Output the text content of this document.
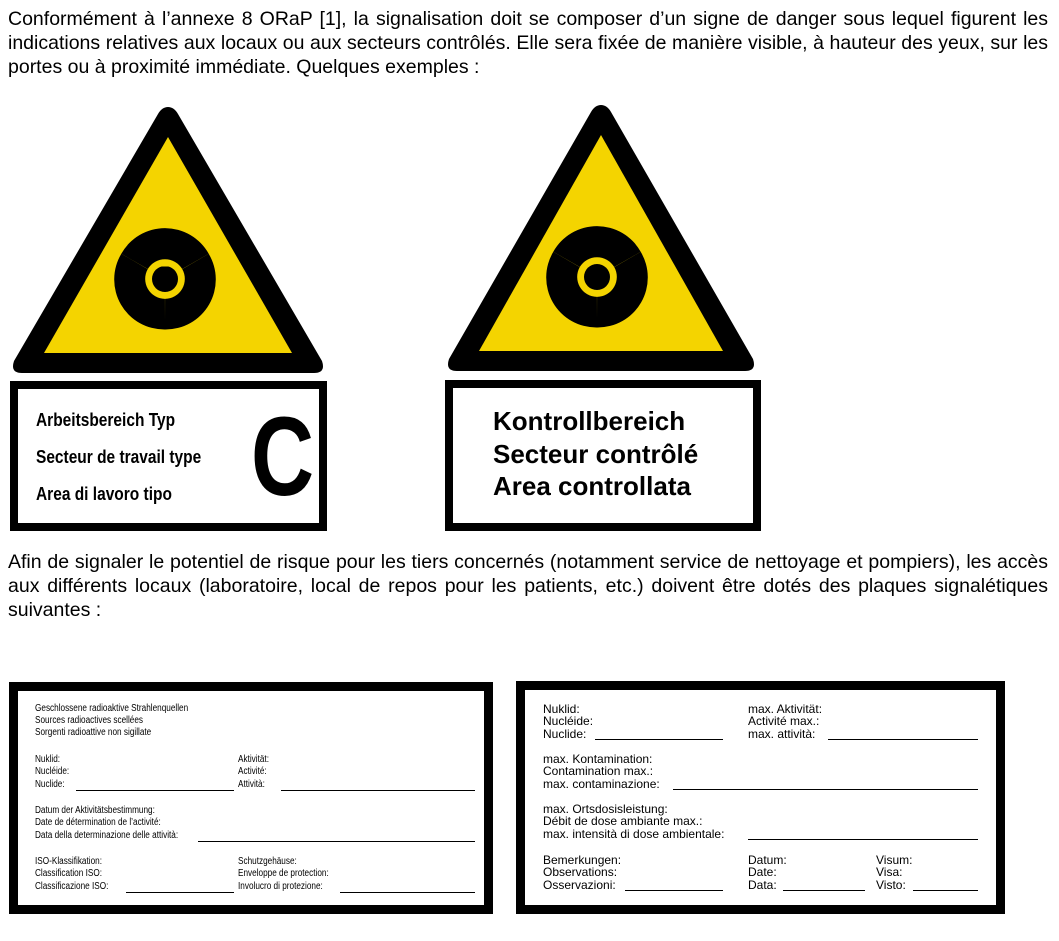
Conformément à l’annexe 8 ORaP [1], la signalisation doit se composer d’un signe de danger sous lequel figurent les indications relatives aux locaux ou aux secteurs contrôlés. Elle sera fixée de manière visible, à hauteur des yeux, sur les portes ou à proximité immédiate. Quelques exemples :

Arbeitsbereich Typ
Secteur de travail type
Area di lavoro tipo C	Kontrollbereich
Secteur contrôlé
Area controllata

Afin de signaler le potentiel de risque pour les tiers concernés (notamment service de nettoyage et pompiers), les accès aux différents locaux (laboratoire, local de repos pour les patients, etc.) doivent être dotés des plaques signalétiques suivantes :

Geschlossene radioaktive Strahlenquellen
Sources radioactives scellées
Sorgenti radioattive non sigillate
Nuklid:
Nucléide:
Nuclide:
Aktivität:
Activité:
Attività:
Datum der Aktivitätsbestimmung:
Date de détermination de l’activité:
Data della determinazione delle attività:
ISO-Klassifikation:
Classification ISO:
Classificazione ISO:
Schutzgehäuse:
Enveloppe de protection:
Involucro di protezione:
Nuklid:
Nucléide:
Nuclide:
max. Aktivität:
Activité max.:
max. attività:
max. Kontamination:
Contamination max.:
max. contaminazione:
max. Ortsdosisleistung:
Débit de dose ambiante max.:
max. intensità di dose ambientale:
Bemerkungen:
Observations:
Osservazioni:
Datum:
Date:
Data:
Visum:
Visa:
Visto:
